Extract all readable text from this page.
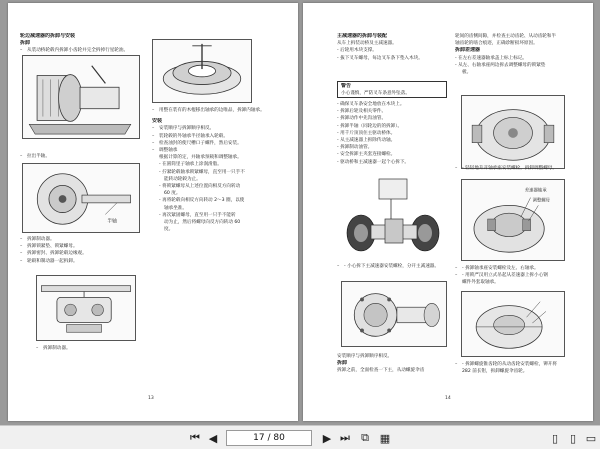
轮边减速器的拆卸与安装
拆卸
– 从装动桥轮毂内拆卸小齿轮并完全拆掉行星轮油。
– 拉出半轴。
半轴
– 拆卸制动器。
– 拆卸锁紧垫、锁紧螺母。
– 拆卸密封、拆卸轮毂边缘观。
– 轮毂和制动器一起拆卸。
– 拆卸制动器。
– 用整在装有的木棍移出轴承的边唯品，拆卸内轴承。
安装
– 安装顺序与拆卸顺序相反。
– 装轮毂的外轴承半径轴承入轮毂。
– 检查油封的使尺槽口子螺件，然后安装。
– 调整轴承
根据计算的定，并轴承预载和调整轴承。
- 在圆筒里子轴承上涂润滑脂。
- 拧紧轮毂轴承锁紧螺母，直至用一只手不
能转动轮毂为止。
- 将锁紧螺母从上述位置向相反方向转动
60 度。
- 再将轮毂向相反方向转动 2～3 圈，以使
轴承坐准。
- 再次紧固螺母，直至用一只手不能转
动为止，然后将螺母向反方向转动 60
度。
13
主减速器的拆卸与装配
从车上拆装动桥及主减速器。
- 后轮用木块支撑。
- 拔下叉车螺母，每边叉车条下垫入木块。
警告
小心谨慎，严防叉车条意外坠落。
- 确保叉车条安全地放在木块上。
- 拆卸后轮及相关零件。
- 拆卸动作中先沟油管。
- 拆卸半轴（同轮边的的拆卸）。
- 用千斤顶顶住主驱动桥体。
- 从主减速器上拆除传动轴。
- 拆卸制动油管。
- 安全拆卸主夹套连接螺栓。
- 驱动桥和主减速器一起个心拆下。
– - 小心拆下主减速器安装螺栓，分开主减速器。
安装顺序与拆卸顺序相反。
拆卸
拆卸之前，全面检查一下主，从动螺旋伞齿
轮间的齿侧间隙，并检查主动齿轮、从动齿轮和半
轴齿轮的啮合痕迹，正确诊断损坏原因。
拆卸差速器
- 在左右差速器轴承盖上标上标记。
- 从左、右轴承座两边拆去调整螺母的锁紧垫
板。
– - 轻轻地升开轴承座安装螺栓，拆卸调整螺母。
差速器轴承
调整螺母
– - 拆卸轴承座安装螺栓及左、右轴承。
– - 用锁严汉用立式吊起从差速器上拆小心钢
螺件外套取轴承。
– - 拆卸螺旋锥齿轮的从动齿轮安装螺栓，铆开将
282 前长钳，拆卸螺旋伞齿轮。
14
⏮ ◀	17 / 80	▶ ⏭ ⧉ ▦	▯	▯ ▭
